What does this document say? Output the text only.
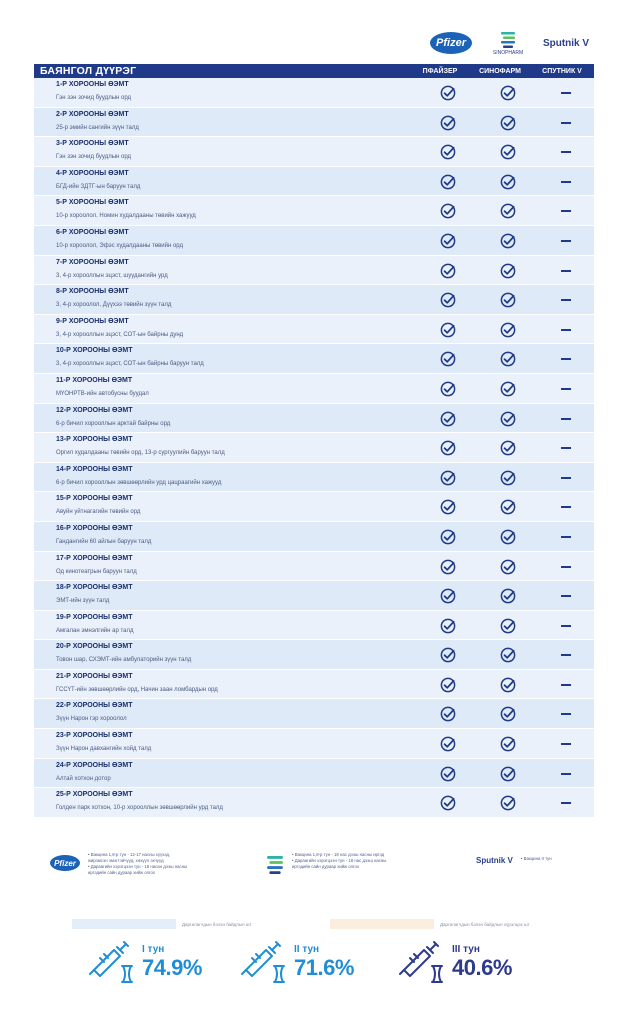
Pfizer
SINOPHARM
Sputnik V
БАЯНГОЛ ДҮҮРЭГ	ПФАЙЗЕР	СИНОФАРМ	СПУТНИК V
1-Р ХОРООНЫ ӨЭМТ
Гэн зэн зочид буудлын орд
2-Р ХОРООНЫ ӨЭМТ
25-р эмийн сангийн зүүн талд
3-Р ХОРООНЫ ӨЭМТ
Гэн зэн зочид буудлын орд
4-Р ХОРООНЫ ӨЭМТ
БГД-ийн ЗДТГ-ын баруун талд
5-Р ХОРООНЫ ӨЭМТ
10-р хороолол, Номин худалдааны төвийн хажууд
6-Р ХОРООНЫ ӨЭМТ
10-р хороолол, Эфэс худалдааны төвийн орд
7-Р ХОРООНЫ ӨЭМТ
3, 4-р хорооллын эцэст, шуудангийн урд
8-Р ХОРООНЫ ӨЭМТ
3, 4-р хороолол, Дүүхээ төвийн зүүн талд
9-Р ХОРООНЫ ӨЭМТ
3, 4-р хорооллын эцэст, СОТ-ын байрны дунд
10-Р ХОРООНЫ ӨЭМТ
3, 4-р хорооллын эцэст, СОТ-ын байрны баруун талд
11-Р ХОРООНЫ ӨЭМТ
МҮОНРТВ-ийн автобусны буудал
12-Р ХОРООНЫ ӨЭМТ
6-р бичил хорооллын арктай байрны орд
13-Р ХОРООНЫ ӨЭМТ
Оргил худалдааны төвийн орд, 13-р сургуулийн баруун талд
14-Р ХОРООНЫ ӨЭМТ
6-р бичил хорооллын зөвшөөрлийн урд цацраагийн хажууд
15-Р ХОРООНЫ ӨЭМТ
Авуйн уйтнагагийн төвийн орд
16-Р ХОРООНЫ ӨЭМТ
Гандангийн 60 айлын баруун талд
17-Р ХОРООНЫ ӨЭМТ
Од кинотеатрын баруун талд
18-Р ХОРООНЫ ӨЭМТ
ЭМТ-ийн зүүн талд
19-Р ХОРООНЫ ӨЭМТ
Амгалан эмнэлгийн ар талд
20-Р ХОРООНЫ ӨЭМТ
Товон шар, СХЭМТ-ийн амбулаторийн зүүн талд
21-Р ХОРООНЫ ӨЭМТ
ГССҮТ-ийн зөвшөөрлийн орд, Начин заан ломбардын орд
22-Р ХОРООНЫ ӨЭМТ
Зүүн Нарон гэр хороолол
23-Р ХОРООНЫ ӨЭМТ
Зүүн Нарон давхангийн хойд талд
24-Р ХОРООНЫ ӨЭМТ
Алтай хотхон дотор
25-Р ХОРООНЫ ӨЭМТ
Голден парк хотхон, 10-р хорооллын зөвшөөрлийн урд талд
Pfizer
• Вакцина 1,8-р тун - 12-17 насны хүүхэд,
жирэмсэн эмэгтэйчүүд, хөхүүл эхчүүд
• Дараагийн хэрэгцээн тун - 18 насан дээш насны
иргэдийн сайн дураар хийж олгох
• Вакцина 1,8-р тун - 18 нас дээш насны иргэд
• Дараагийн хэрэгцээн тун - 18 нас дээш насны
иргэдийн сайн дураар хийж олгох
Sputnik V • Вакцина II тун
Даргалагчдын бэлэн байдлын шт	Даргалагчдын бэлэн байдлын хүрэлцэх шт
I тун
74.9%
II тун
71.6%
III тун
40.6%
